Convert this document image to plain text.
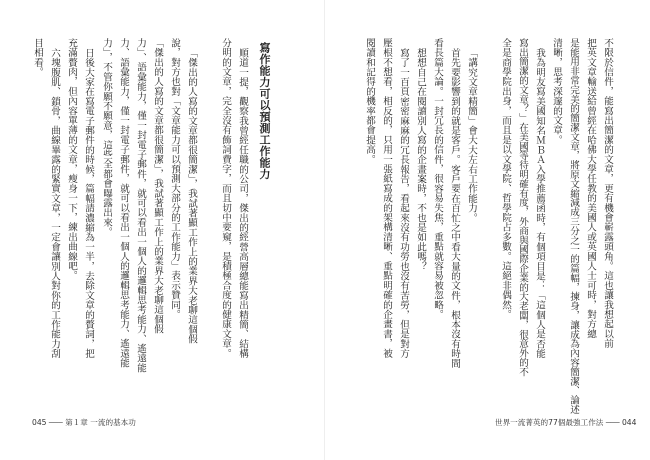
不限於信件，能寫出簡潔的文章，更有機會嶄露頭角。這也讓我想起以前
把英文章輸送給曾經在哈佛大學任教的美國人或英國人士可時，對方總
是能用非常完美的簡潔文章，將原文縮減成三分之一的篇幅，揀身，讓成為內容簡潔、論述
清晰，思考深邃的文章。
我為明友寫美國知名ＭＢＡ入學推薦函時，有個項目是：「這個人是否能
寫出簡潔的文章？」在美國等待明確有度，外商與國際企業的大老闆，很意外的不
全是商學院出身，而且是以文學院、哲學院占多數。這絕非偶然。
「講究文章精簡」會大大左右工作能力。
首先要影響到的就是客戶。客戶要在百忙之中看大量的文件，根本沒有時間
看長篇大論。一封冗長的信件，很容易失焦，重點就容易被忽略。
想想自己在閱讀別人寫的企畫案時，不也是如此嗎？
寫了一百頁密密麻麻的冗長報告，看起來沒有功勞也沒有苦勞，但是對方
壓根不想看，相反的，只用一張紙寫成的架構清晰、重點明確的企畫書，被
閱讀和記得的機率都會提高。
世界一流菁英的77個最強工作法 ─── 044
寫作能力可以預測工作能力
順道一提，觀察我曾經任職的公司，傑出的經營高層總能寫出精簡、結構
分明的文章，完全沒有飾詞費字，而且切中要窺，是積極合度的健康文章。
「傑出的人寫的文章都很簡潔」，我試著顯工作上的業界大老聊這個假
說，對方也對「文章能力可以預測大部分的工作能力」表示贊同。
「傑出的人寫的文章都很簡潔」，我試著顯工作上的業界大老聊這個假
力」、語彙能力，僅一封電子郵件，就可以看出一個人的邏輯思考能力、遙遠能
力、語彙能力，僅一封電子郵件，就可以看出一個人的邏輯思考能力、遙遠能
力」，不管你願不願意，這些全都會曝露出來。
日後大家在寫電子郵件的時候，篇幅請濃縮為一半，去除文章的贅詞，把
充滿贅肉，但內容單薄的文章，瘦身一下，練出曲線吧。
六塊腹肌、鎖骨，曲線畢露的緊實文章，一定會讓別人對你的工作能力刮
目相看。
045 ─── 第１章 一流的基本功
